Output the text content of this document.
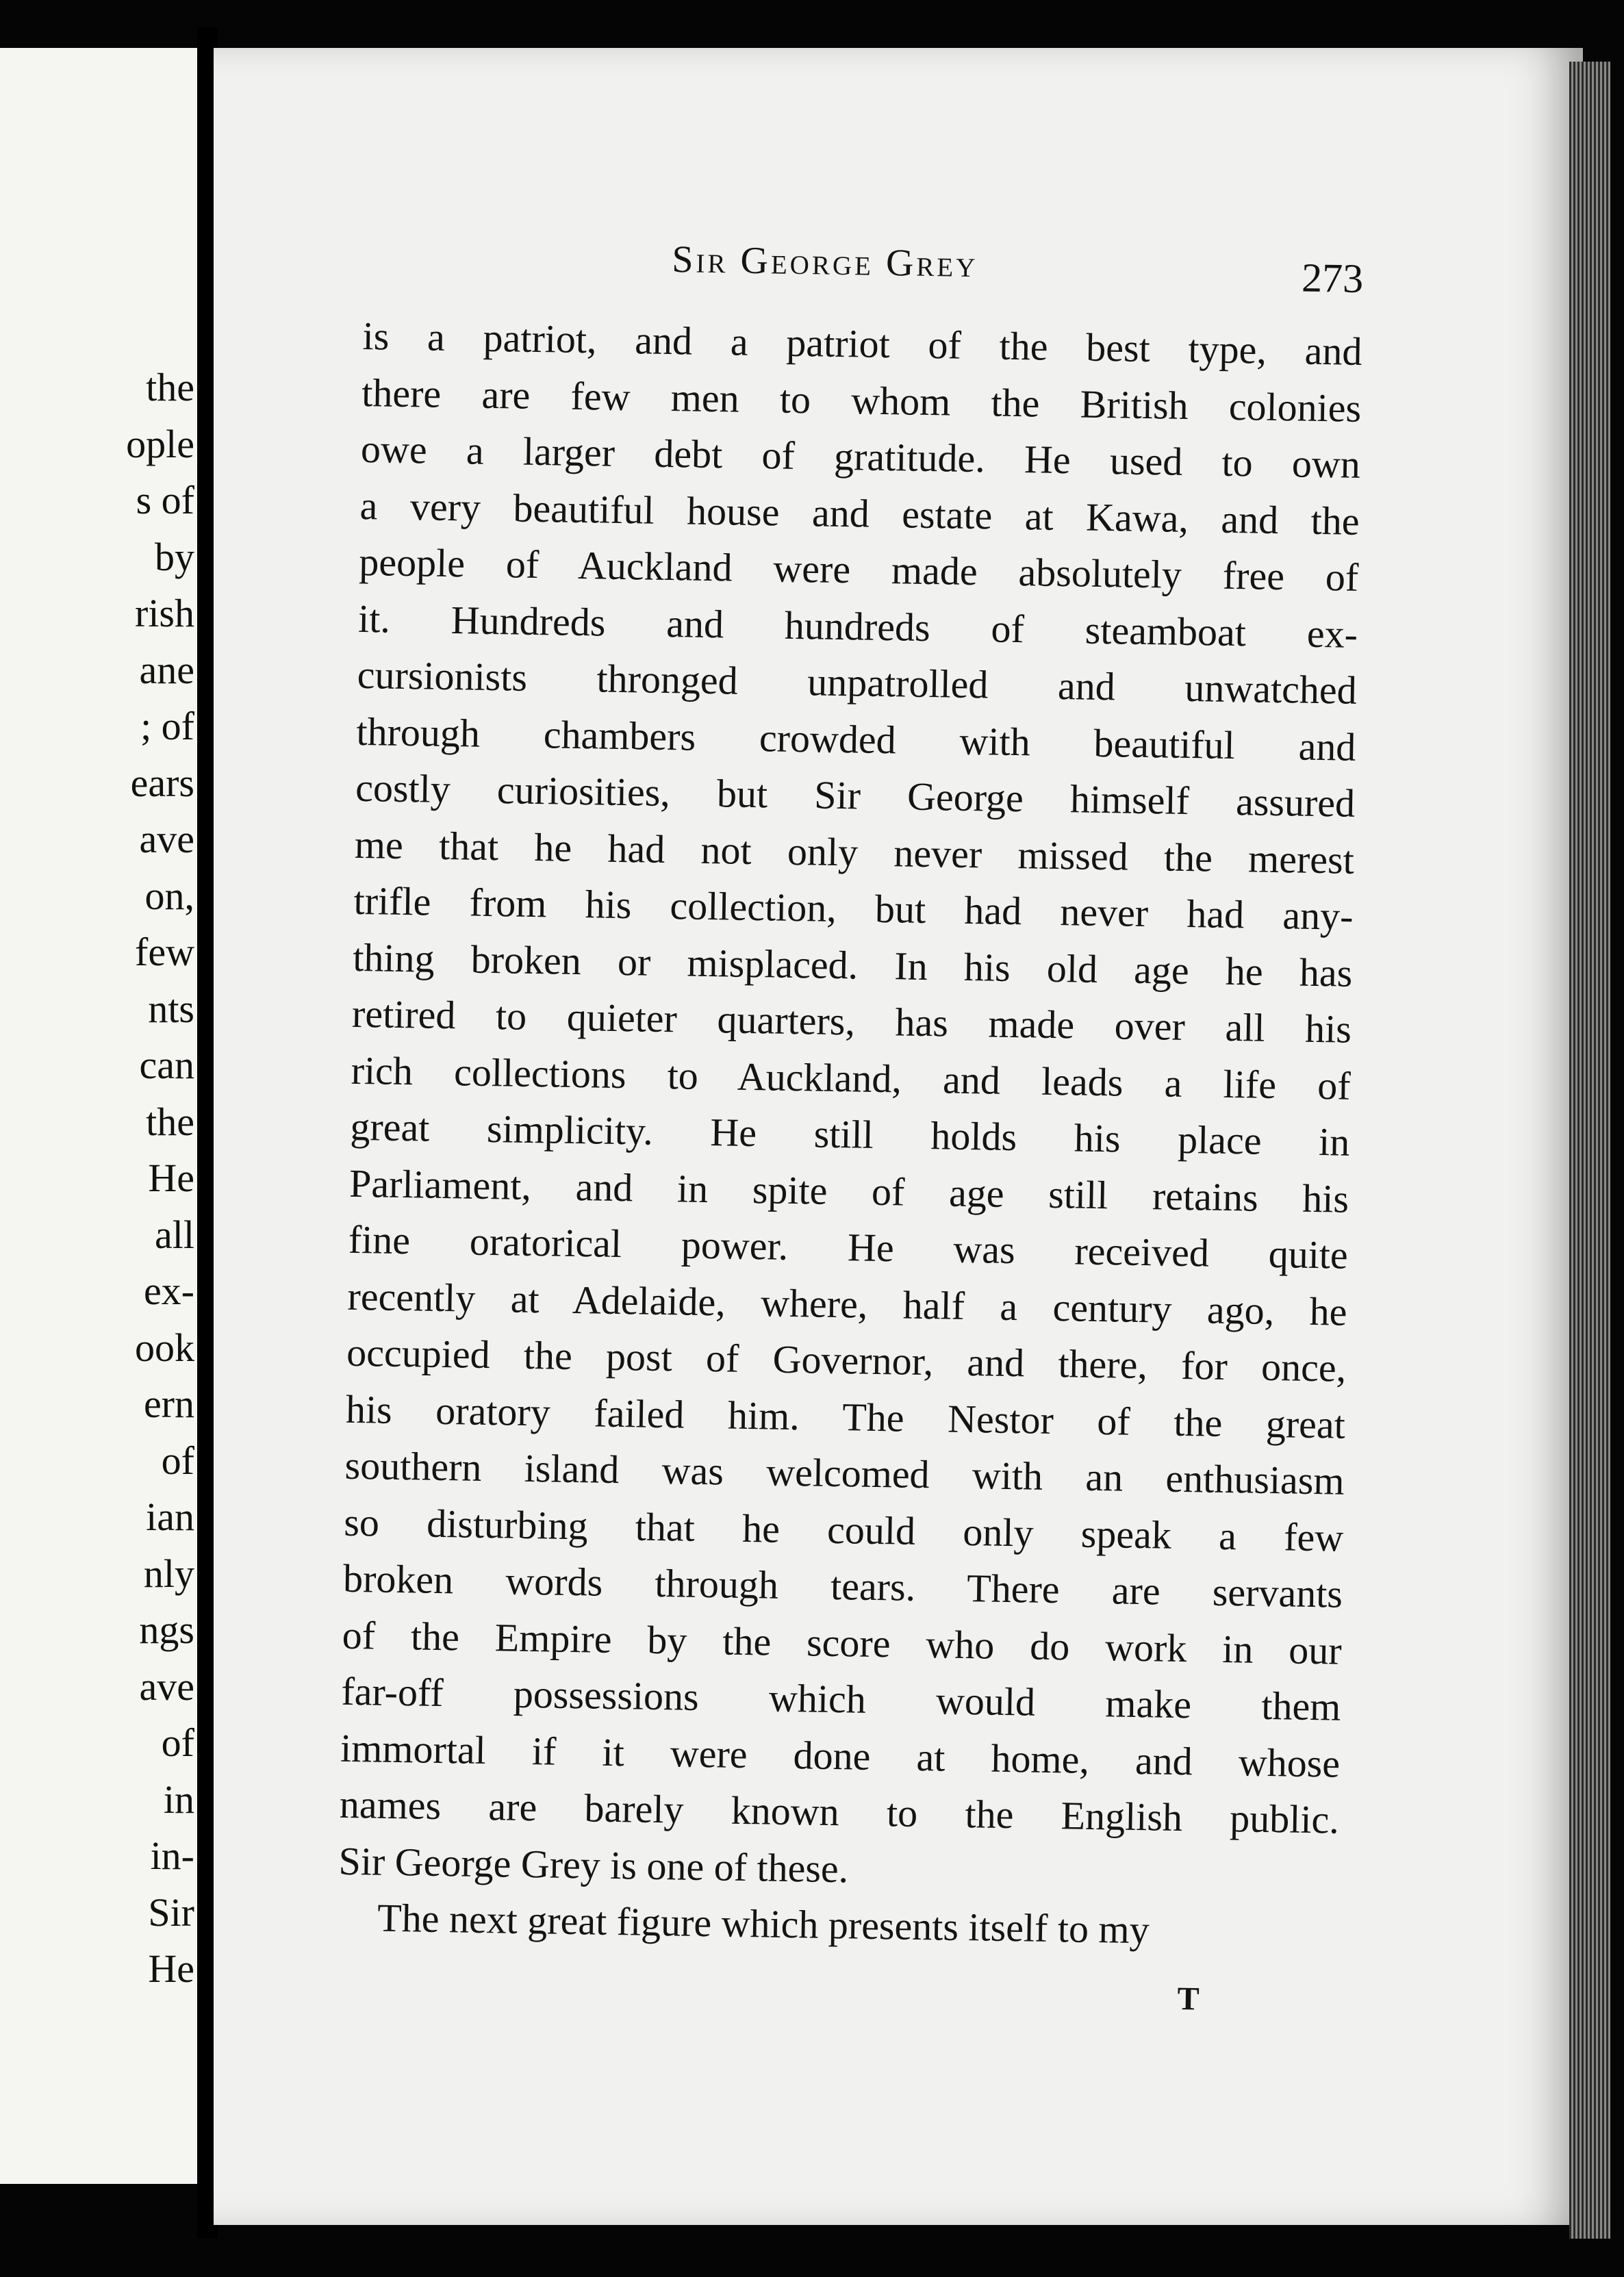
the
ople
s of
by
rish
ane
; of
ears
ave
on,
few
nts
can
the
He
all
ex-
ook
ern
of
ian
nly
ngs
ave
of
in
in-
Sir
He
Sir George Grey	273
is a patriot, and a patriot of the best type, and
there are few men to whom the British colonies
owe a larger debt of gratitude. He used to own
a very beautiful house and estate at Kawa, and the
people of Auckland were made absolutely free of
it. Hundreds and hundreds of steamboat ex-
cursionists thronged unpatrolled and unwatched
through chambers crowded with beautiful and
costly curiosities, but Sir George himself assured
me that he had not only never missed the merest
trifle from his collection, but had never had any-
thing broken or misplaced. In his old age he has
retired to quieter quarters, has made over all his
rich collections to Auckland, and leads a life of
great simplicity. He still holds his place in
Parliament, and in spite of age still retains his
fine oratorical power. He was received quite
recently at Adelaide, where, half a century ago, he
occupied the post of Governor, and there, for once,
his oratory failed him. The Nestor of the great
southern island was welcomed with an enthusiasm
so disturbing that he could only speak a few
broken words through tears. There are servants
of the Empire by the score who do work in our
far-off possessions which would make them
immortal if it were done at home, and whose
names are barely known to the English public.
Sir George Grey is one of these.
The next great figure which presents itself to my
T
